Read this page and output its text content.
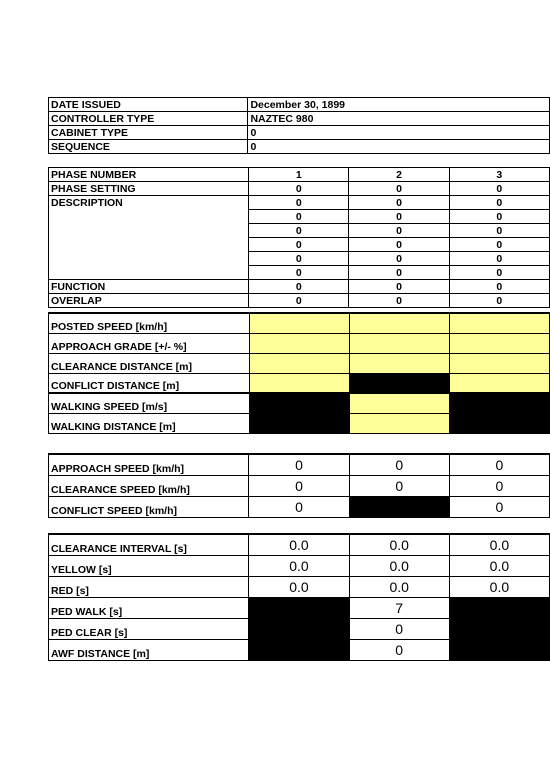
DATE ISSUED	December 30, 1899
CONTROLLER TYPE	NAZTEC 980
CABINET TYPE	0
SEQUENCE	0
PHASE NUMBER	1	2	3
PHASE SETTING	0	0	0
DESCRIPTION	0	0	0
	0	0	0
	0	0	0
	0	0	0
	0	0	0
	0	0	0
FUNCTION	0	0	0
OVERLAP	0	0	0
POSTED SPEED [km/h]			
APPROACH GRADE [+/- %]			
CLEARANCE DISTANCE [m]			
CONFLICT DISTANCE [m]			
WALKING SPEED [m/s]			
WALKING DISTANCE [m]			
APPROACH SPEED [km/h]	0	0	0
CLEARANCE SPEED [km/h]	0	0	0
CONFLICT SPEED [km/h]	0		0
CLEARANCE INTERVAL [s]	0.0	0.0	0.0
YELLOW [s]	0.0	0.0	0.0
RED [s]	0.0	0.0	0.0
PED WALK [s]		7	
PED CLEAR [s]		0	
AWF DISTANCE [m]		0	
